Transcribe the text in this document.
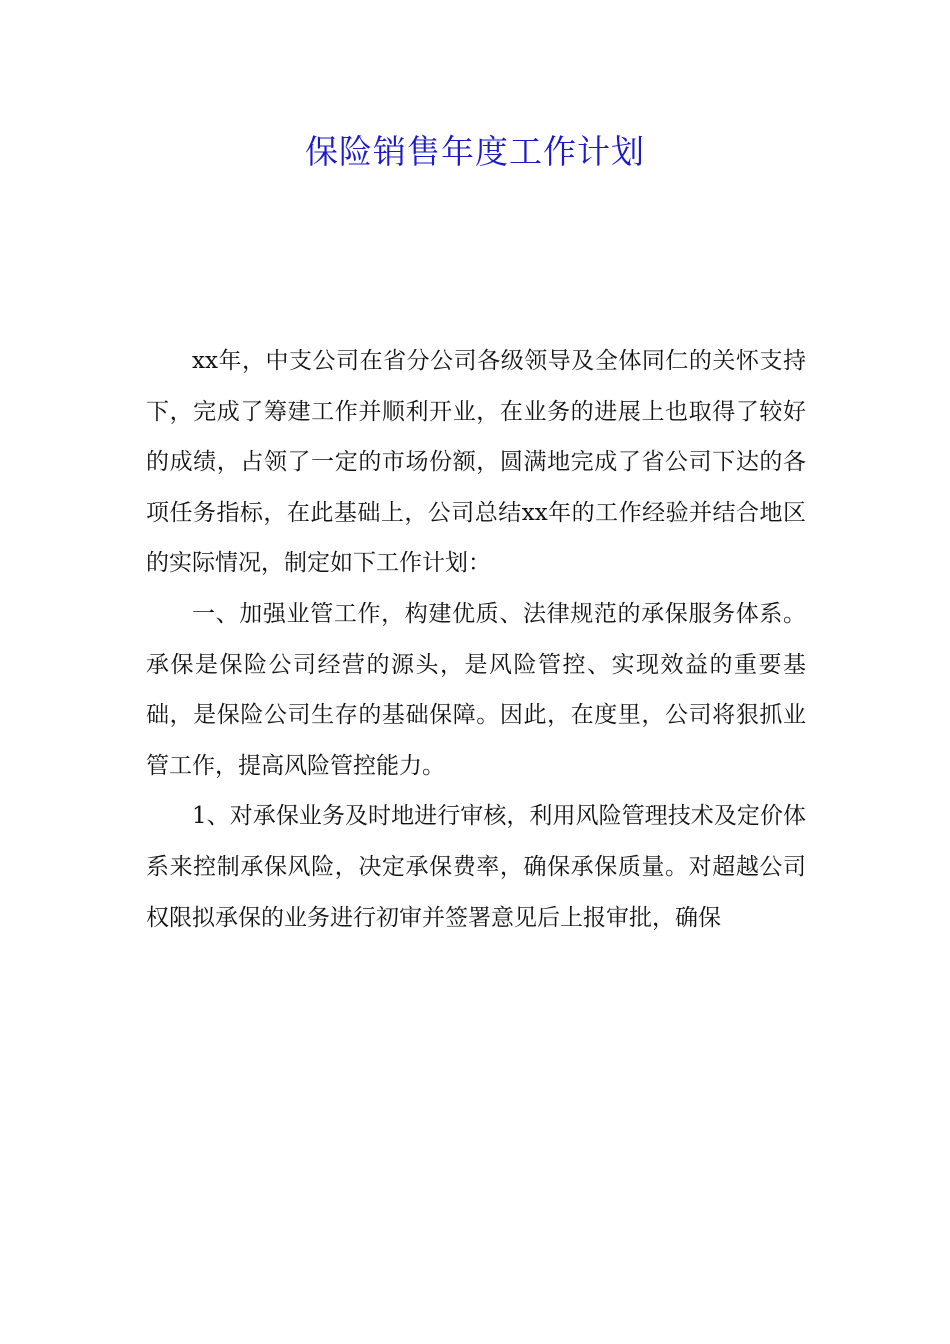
保险销售年度工作计划

xx年，中支公司在省分公司各级领导及全体同仁的关怀支持下，完成了筹建工作并顺利开业，在业务的进展上也取得了较好的成绩，占领了一定的市场份额，圆满地完成了省公司下达的各项任务指标，在此基础上，公司总结xx年的工作经验并结合地区的实际情况，制定如下工作计划：

一、加强业管工作，构建优质、法律规范的承保服务体系。承保是保险公司经营的源头，是风险管控、实现效益的重要基础，是保险公司生存的基础保障。因此，在度里，公司将狠抓业管工作，提高风险管控能力。

1、对承保业务及时地进行审核，利用风险管理技术及定价体系来控制承保风险，决定承保费率，确保承保质量。对超越公司权限拟承保的业务进行初审并签署意见后上报审批，确保
